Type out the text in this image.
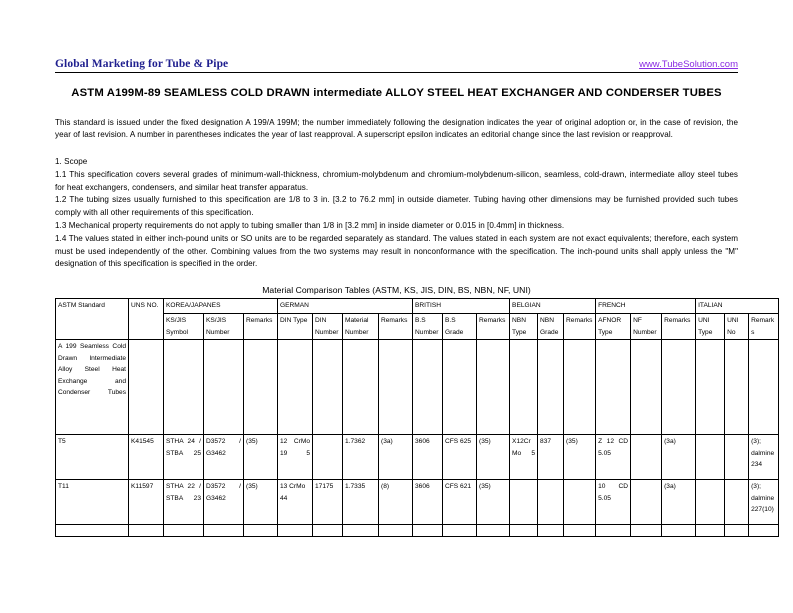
Global Marketing for Tube & Pipe	www.TubeSolution.com
ASTM A199M-89 SEAMLESS COLD DRAWN intermediate ALLOY STEEL HEAT EXCHANGER AND CONDERSER TUBES

This standard is issued under the fixed designation A 199/A 199M; the number immediately following the designation indicates the year of original adoption or, in the case of revision, the year of last revision. A number in parentheses indicates the year of last reapproval. A superscript epsilon indicates an editorial change since the last revision or reapproval.

1. Scope

1.1 This specification covers several grades of minimum-wall-thickness, chromium-molybdenum and chromium-molybdenum-silicon, seamless, cold-drawn, intermediate alloy steel tubes for heat exchangers, condensers, and similar heat transfer apparatus.

1.2 The tubing sizes usually furnished to this specification are 1/8 to 3 in. [3.2 to 76.2 mm] in outside diameter. Tubing having other dimensions may be furnished provided such tubes comply with all other requirements of this specification.

1.3 Mechanical property requirements do not apply to tubing smaller than 1/8 in [3.2 mm] in inside diameter or 0.015 in [0.4mm] in thickness.

1.4 The values stated in either inch-pound units or SO units are to be regarded separately as standard. The values stated in each system are not exact equivalents; therefore, each system must be used independently of the other. Combining values from the two systems may result in nonconformance with the specification. The inch-pound units shall apply unless the "M" designation of this specification is specified in the order.

Material Comparison Tables (ASTM, KS, JIS, DIN, BS, NBN, NF, UNI)
ASTM Standard	UNS NO.	KOREA/JAPANES			GERMAN				BRITISH			BELGIAN			FRENCH			ITALIAN		
		KS/JIS Symbol	KS/JIS Number	Remarks	DIN Type	DIN Number	Material Number	Remarks	B.S Number	B.S Grade	Remarks	NBN Type	NBN Grade	Remarks	AFNOR Type	NF Number	Remarks	UNI Type	UNI No	Remarks
A 199 Seamless Cold Drawn Intermediate Alloy Steel Heat Exchange and Condenser Tubes																				
T5	K41545	STHA 24 / STBA 25	D3572 / G3462	(35)	12 CrMo 19 5		1.7362	(3a)	3606	CFS 625	(35)	X12Cr Mo 5	837	(35)	Z 12 CD 5.05		(3a)			(3); dalmine 234
T11	K11597	STHA 22 / STBA 23	D3572 / G3462	(35)	13 CrMo 44	17175	1.7335	(8)	3606	CFS 621	(35)				10 CD 5.05		(3a)			(3); dalmine 227(10)
